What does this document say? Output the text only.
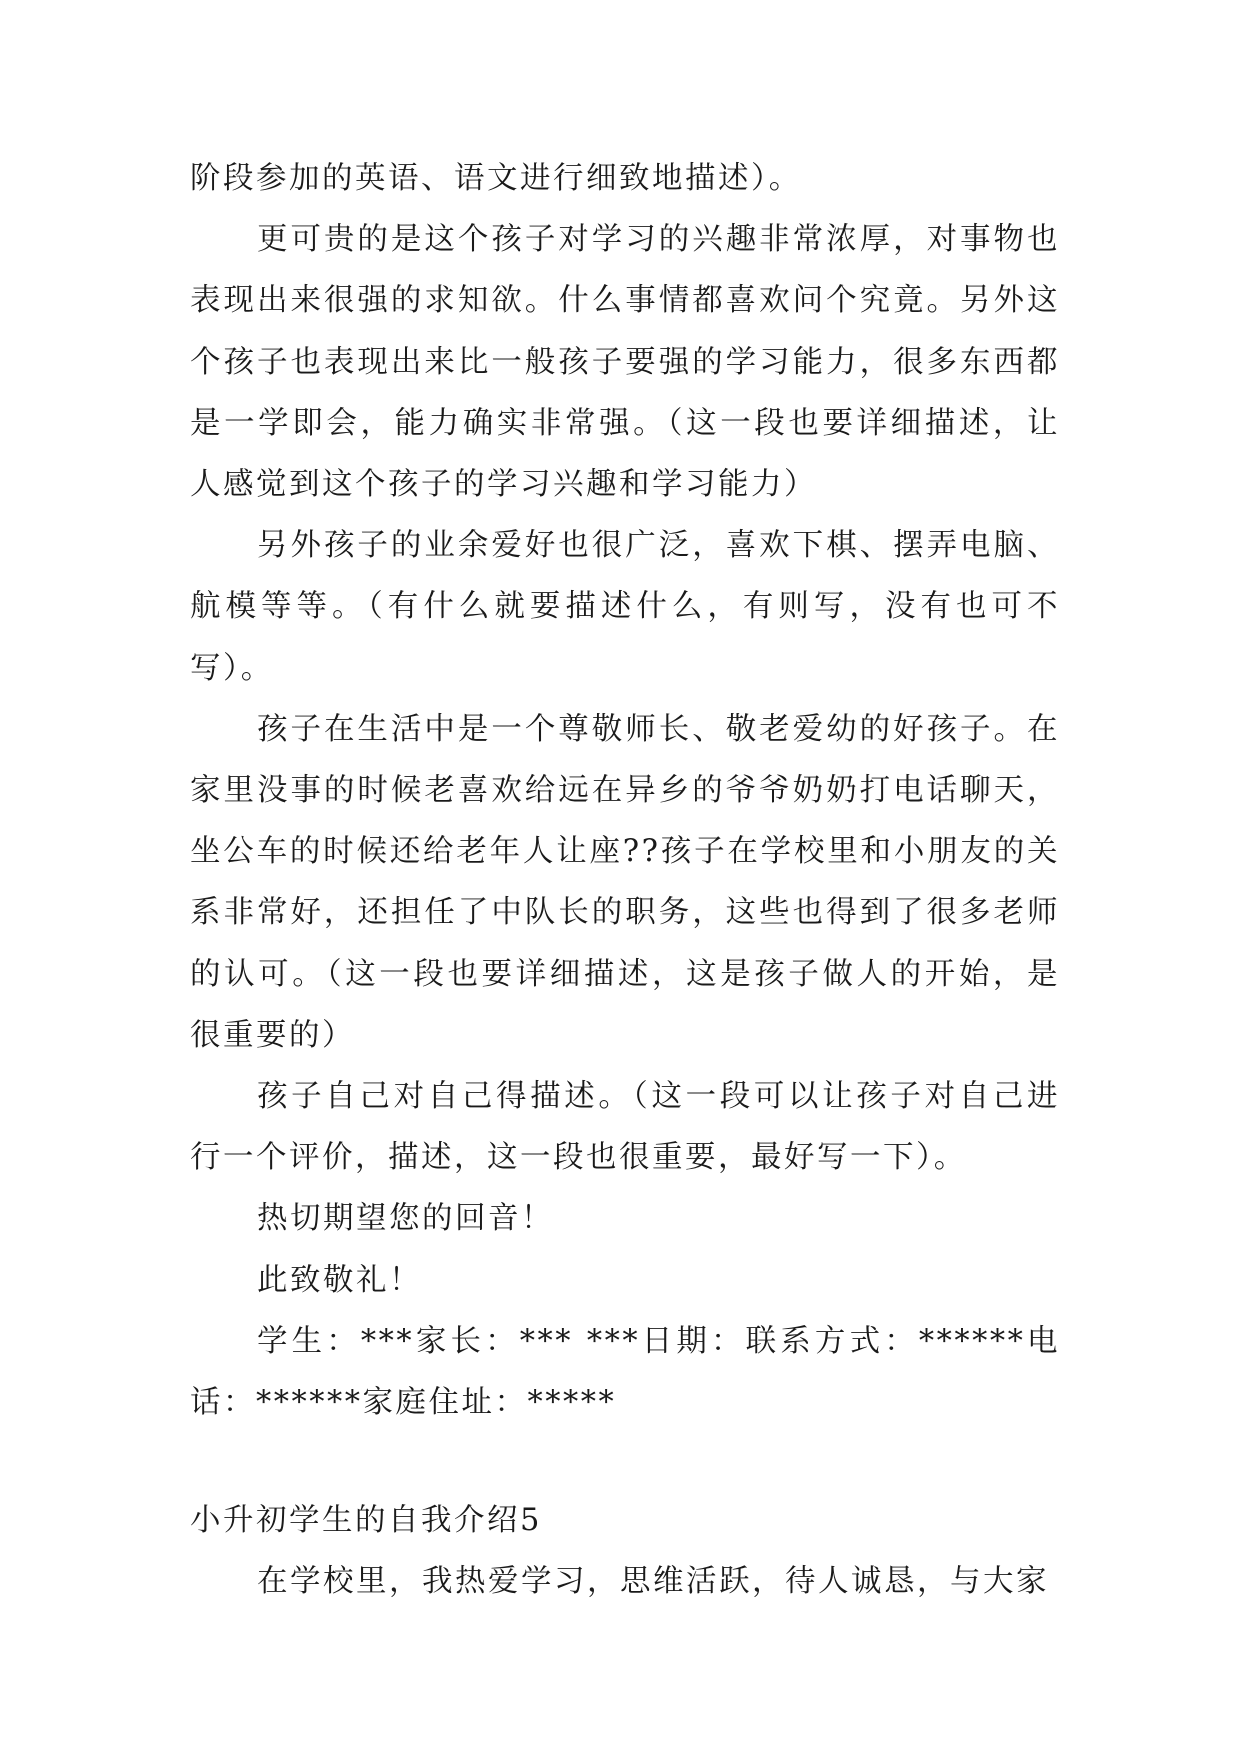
阶段参加的英语、语文进行细致地描述）。

更可贵的是这个孩子对学习的兴趣非常浓厚，对事物也表现出来很强的求知欲。什么事情都喜欢问个究竟。另外这个孩子也表现出来比一般孩子要强的学习能力，很多东西都是一学即会，能力确实非常强。（这一段也要详细描述，让人感觉到这个孩子的学习兴趣和学习能力）

另外孩子的业余爱好也很广泛，喜欢下棋、摆弄电脑、航模等等。（有什么就要描述什么，有则写，没有也可不写）。

孩子在生活中是一个尊敬师长、敬老爱幼的好孩子。在家里没事的时候老喜欢给远在异乡的爷爷奶奶打电话聊天，坐公车的时候还给老年人让座??孩子在学校里和小朋友的关系非常好，还担任了中队长的职务，这些也得到了很多老师的认可。（这一段也要详细描述，这是孩子做人的开始，是很重要的）

孩子自己对自己得描述。（这一段可以让孩子对自己进行一个评价，描述，这一段也很重要，最好写一下）。

热切期望您的回音！

此致敬礼！

学生：***家长：*** ***日期：联系方式：******电话：******家庭住址：*****

小升初学生的自我介绍5

在学校里，我热爱学习，思维活跃，待人诚恳，与大家
